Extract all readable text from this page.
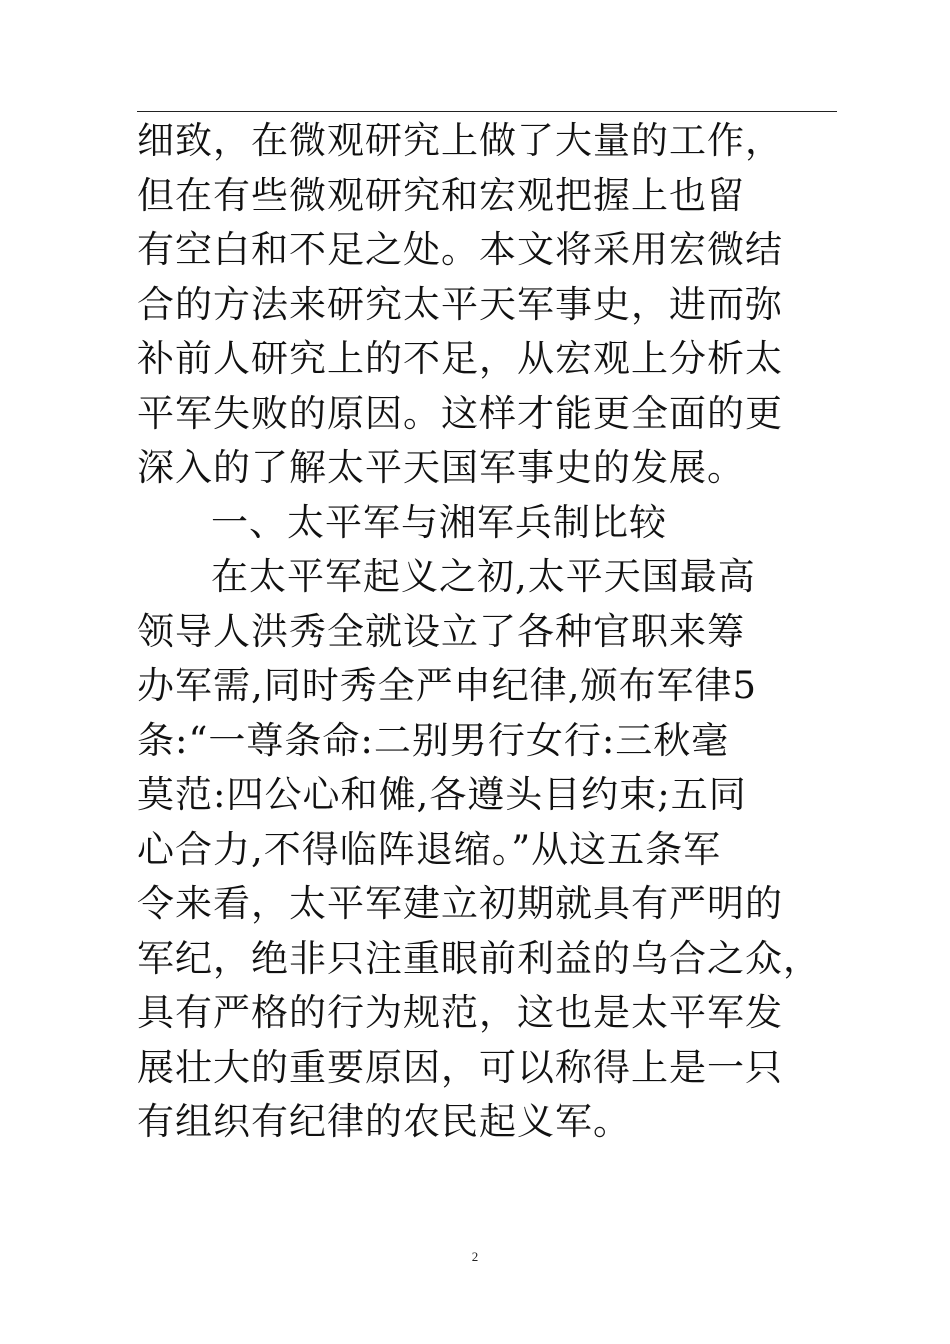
细致，在微观研究上做了大量的工作，
但在有些微观研究和宏观把握上也留
有空白和不足之处。本文将采用宏微结
合的方法来研究太平天军事史，进而弥
补前人研究上的不足，从宏观上分析太
平军失败的原因。这样才能更全面的更
深入的了解太平天国军事史的发展。
一、太平军与湘军兵制比较
在太平军起义之初,太平天国最高
领导人洪秀全就设立了各种官职来筹
办军需,同时秀全严申纪律,颁布军律5
条:“一尊条命:二别男行女行:三秋毫
莫范:四公心和傩,各遵头目约束;五同
心合力,不得临阵退缩。”从这五条军
令来看，太平军建立初期就具有严明的
军纪，绝非只注重眼前利益的乌合之众，
具有严格的行为规范，这也是太平军发
展壮大的重要原因，可以称得上是一只
有组织有纪律的农民起义军。
2
